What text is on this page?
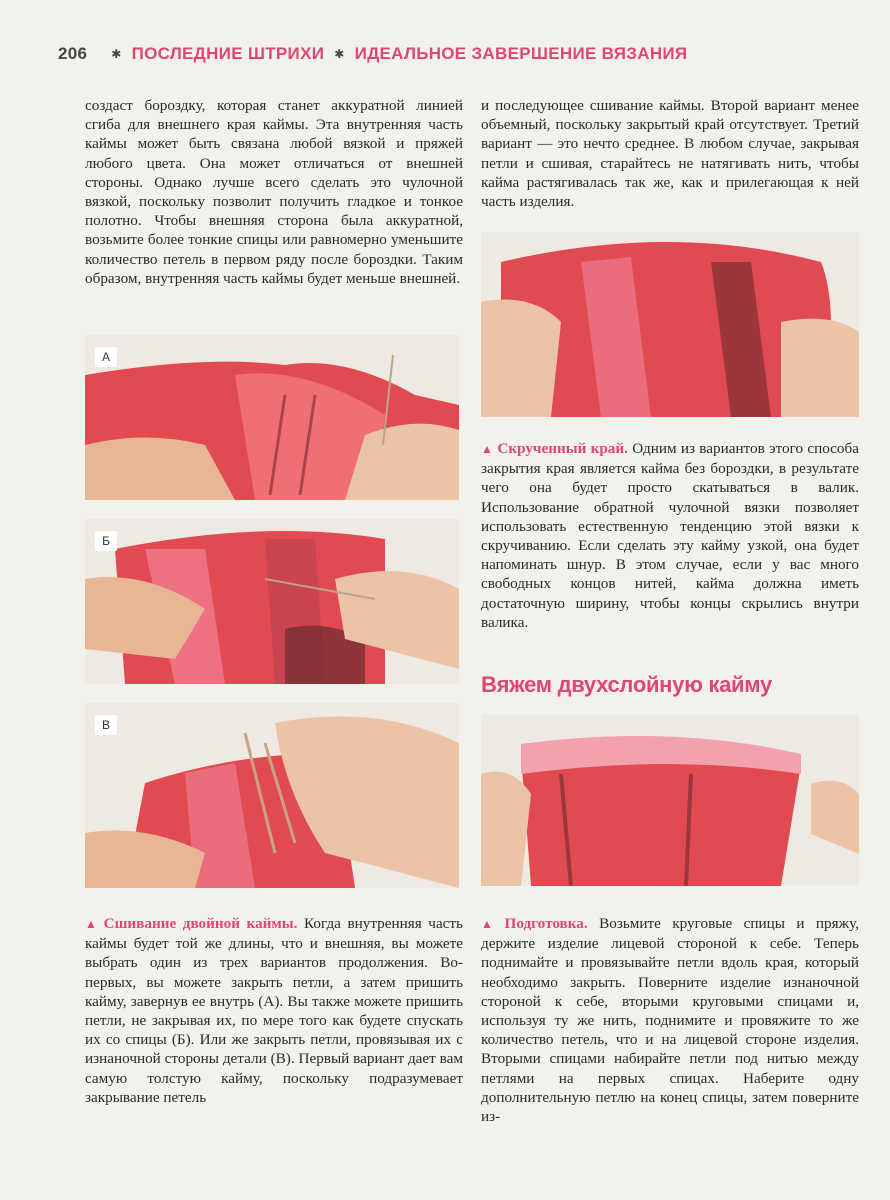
206 ✱ ПОСЛЕДНИЕ ШТРИХИ ✱ ИДЕАЛЬНОЕ ЗАВЕРШЕНИЕ ВЯЗАНИЯ

создаст бороздку, которая станет аккуратной линией сгиба для внешнего края каймы. Эта внутренняя часть каймы может быть связана любой вязкой и пряжей любого цвета. Она может отличаться от внешней стороны. Однако лучше всего сделать это чулочной вязкой, поскольку позволит получить гладкое и тонкое полотно. Чтобы внешняя сторона была аккуратной, возьмите более тонкие спицы или равномерно уменьшите количество петель в первом ряду после бороздки. Таким образом, внутренняя часть каймы будет меньше внешней.

и последующее сшивание каймы. Второй вариант менее объемный, поскольку закрытый край отсутствует. Третий вариант — это нечто среднее. В любом случае, закрывая петли и сшивая, старайтесь не натягивать нить, чтобы кайма растягивалась так же, как и прилегающая к ней часть изделия.

А
Б
В

▲ Сшивание двойной каймы. Когда внутренняя часть каймы будет той же длины, что и внешняя, вы можете выбрать один из трех вариантов продолжения. Во-первых, вы можете закрыть петли, а затем пришить кайму, завернув ее внутрь (А). Вы также можете пришить петли, не закрывая их, по мере того как будете спускать их со спицы (Б). Или же закрыть петли, провязывая их с изнаночной стороны детали (В). Первый вариант дает вам самую толстую кайму, поскольку подразумевает закрывание петель

▲ Скрученный край. Одним из вариантов этого способа закрытия края является кайма без бороздки, в результате чего она будет просто скатываться в валик. Использование обратной чулочной вязки позволяет использовать естественную тенденцию этой вязки к скручиванию. Если сделать эту кайму узкой, она будет напоминать шнур. В этом случае, если у вас много свободных концов нитей, кайма должна иметь достаточную ширину, чтобы концы скрылись внутри валика.

Вяжем двухслойную кайму

▲ Подготовка. Возьмите круговые спицы и пряжу, держите изделие лицевой стороной к себе. Теперь поднимайте и провязывайте петли вдоль края, который необходимо закрыть. Поверните изделие изнаночной стороной к себе, вторыми круговыми спицами и, используя ту же нить, поднимите и провяжите то же количество петель, что и на лицевой стороне изделия. Вторыми спицами набирайте петли под нитью между петлями на первых спицах. Наберите одну дополнительную петлю на конец спицы, затем поверните из-
